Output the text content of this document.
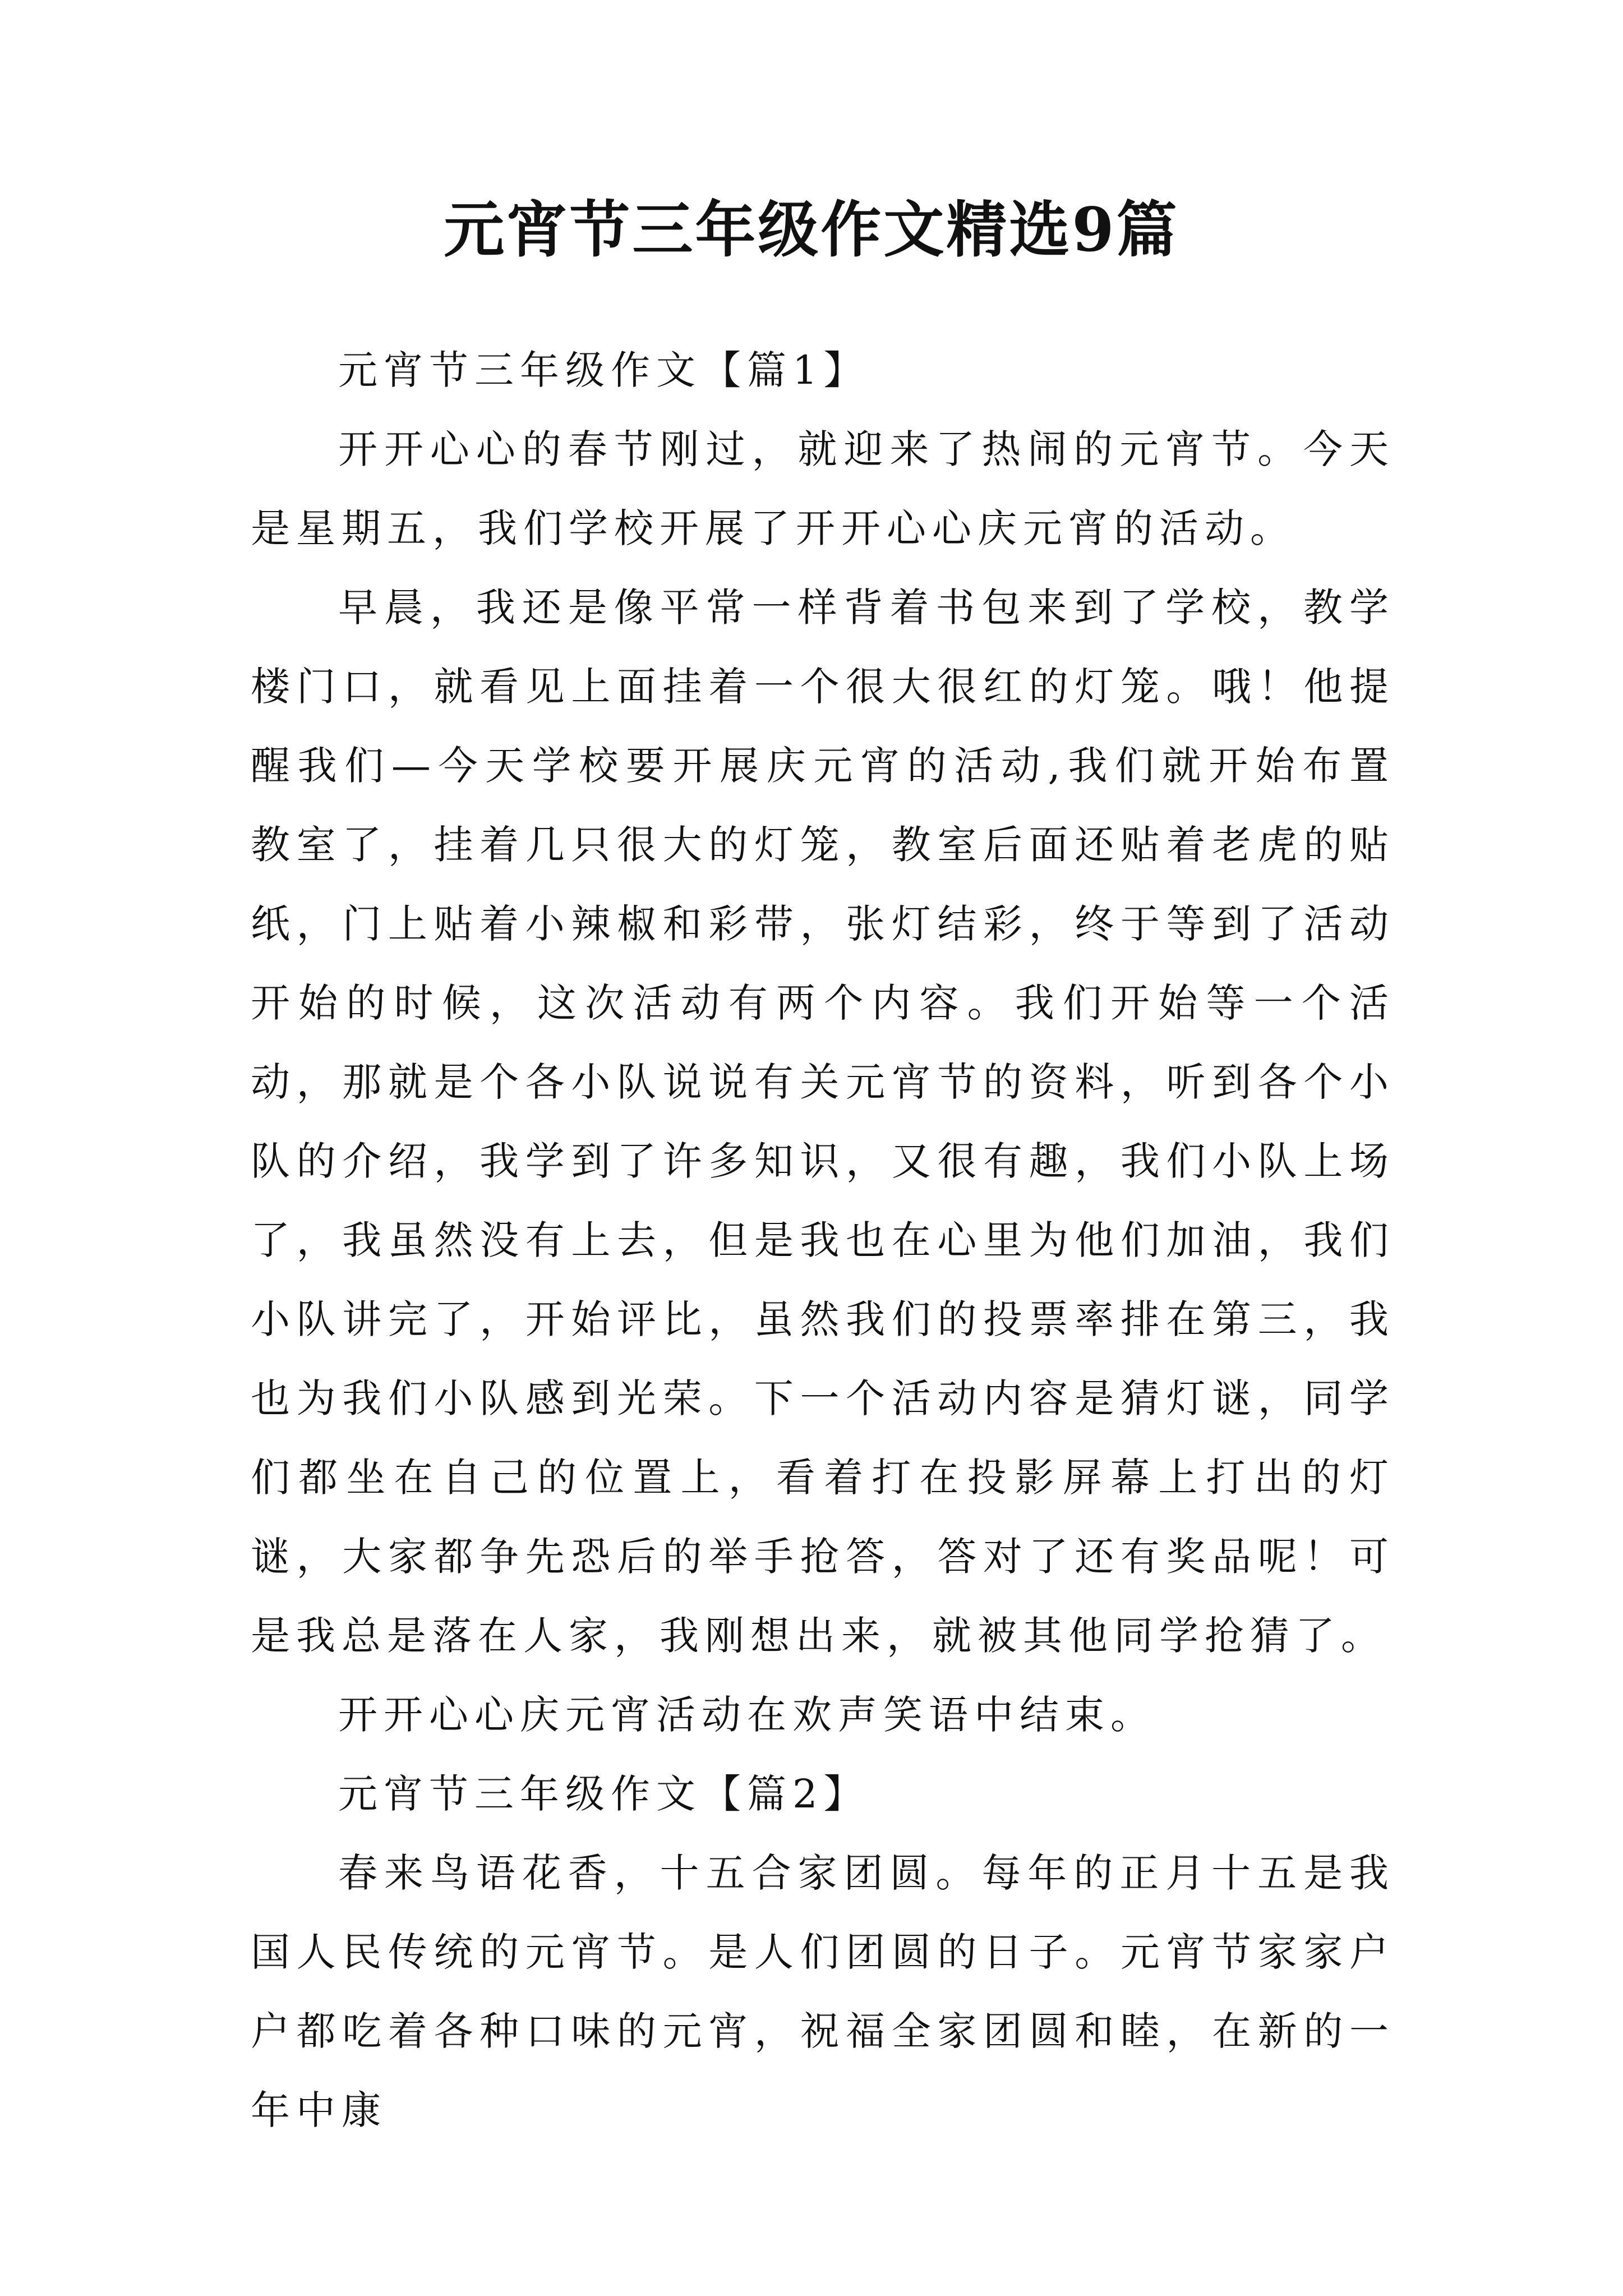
元宵节三年级作文精选9篇

元宵节三年级作文【篇1】

开开心心的春节刚过，就迎来了热闹的元宵节。今天是星期五，我们学校开展了开开心心庆元宵的活动。

早晨，我还是像平常一样背着书包来到了学校，教学楼门口，就看见上面挂着一个很大很红的灯笼。哦！他提醒我们—今天学校要开展庆元宵的活动,我们就开始布置教室了，挂着几只很大的灯笼，教室后面还贴着老虎的贴纸，门上贴着小辣椒和彩带，张灯结彩，终于等到了活动开始的时候，这次活动有两个内容。我们开始等一个活动，那就是个各小队说说有关元宵节的资料，听到各个小队的介绍，我学到了许多知识，又很有趣，我们小队上场了，我虽然没有上去，但是我也在心里为他们加油，我们小队讲完了，开始评比，虽然我们的投票率排在第三，我也为我们小队感到光荣。下一个活动内容是猜灯谜，同学们都坐在自己的位置上，看着打在投影屏幕上打出的灯谜，大家都争先恐后的举手抢答，答对了还有奖品呢！可是我总是落在人家，我刚想出来，就被其他同学抢猜了。

开开心心庆元宵活动在欢声笑语中结束。

元宵节三年级作文【篇2】

春来鸟语花香，十五合家团圆。每年的正月十五是我国人民传统的元宵节。是人们团圆的日子。元宵节家家户户都吃着各种口味的元宵，祝福全家团圆和睦，在新的一年中康
